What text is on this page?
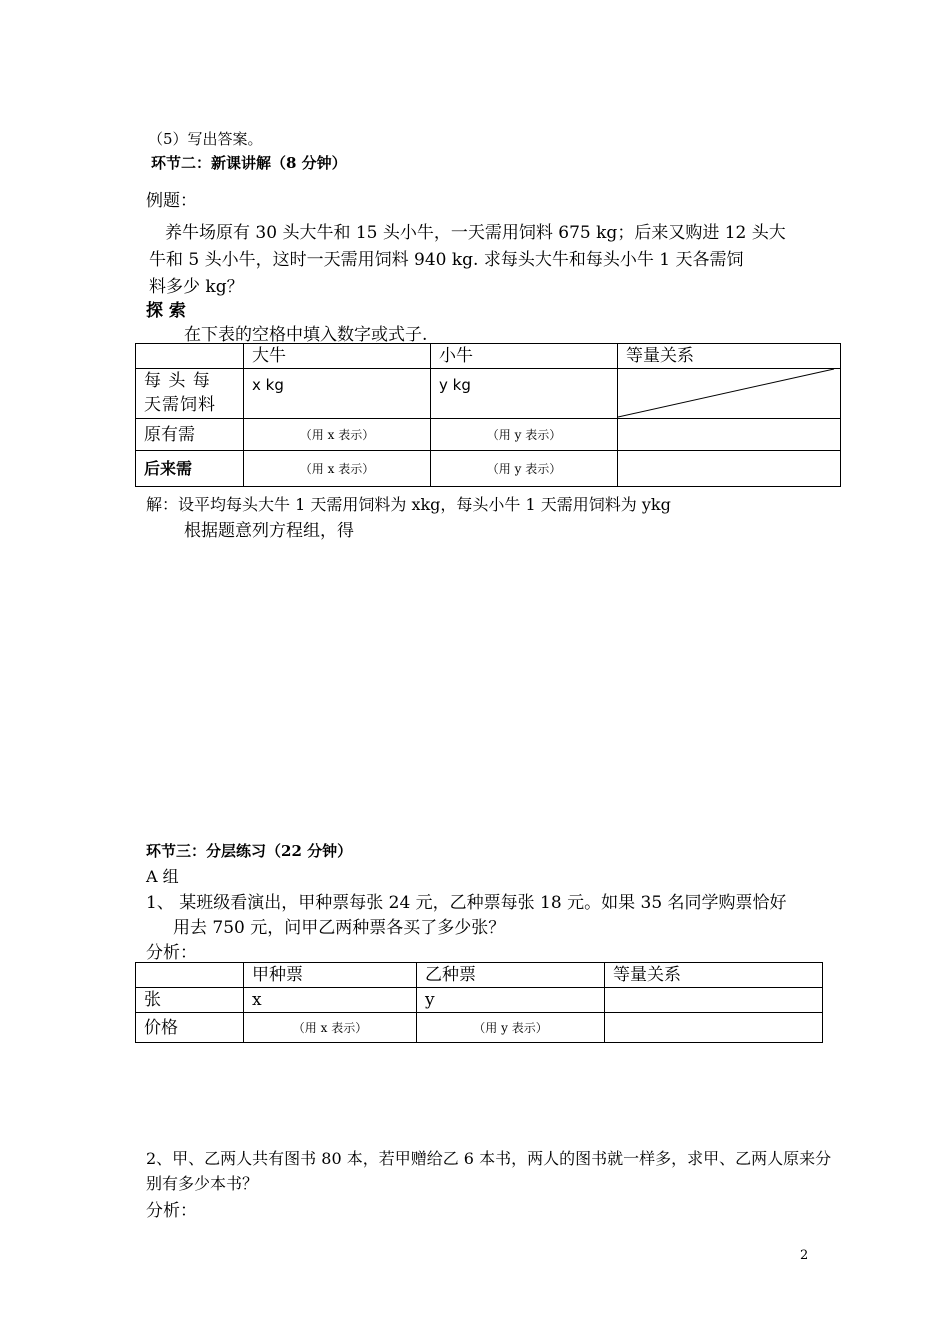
（5）写出答案。
环节二：新课讲解（8 分钟）
例题：
养牛场原有 30 头大牛和 15 头小牛，一天需用饲料 675 kg；后来又购进 12 头大
牛和 5 头小牛，这时一天需用饲料 940 kg. 求每头大牛和每头小牛 1 天各需饲
料多少 kg？
探 索
在下表的空格中填入数字或式子.
	大牛	小牛	等量关系
每 头 每 天需饲料	x kg	y kg	

原有需	（用 x 表示）	（用 y 表示）	
后来需	（用 x 表示）	（用 y 表示）	
解：设平均每头大牛 1 天需用饲料为 xkg，每头小牛 1 天需用饲料为 ykg
根据题意列方程组，得
环节三：分层练习（22 分钟）
A 组
1、 某班级看演出，甲种票每张 24 元，乙种票每张 18 元。如果 35 名同学购票恰好
用去 750 元，问甲乙两种票各买了多少张？
分析：
	甲种票	乙种票	等量关系
张	x	y	
价格	（用 x 表示）	（用 y 表示）	
2、甲、乙两人共有图书 80 本，若甲赠给乙 6 本书，两人的图书就一样多，求甲、乙两人原来分
别有多少本书？
分析：
2
